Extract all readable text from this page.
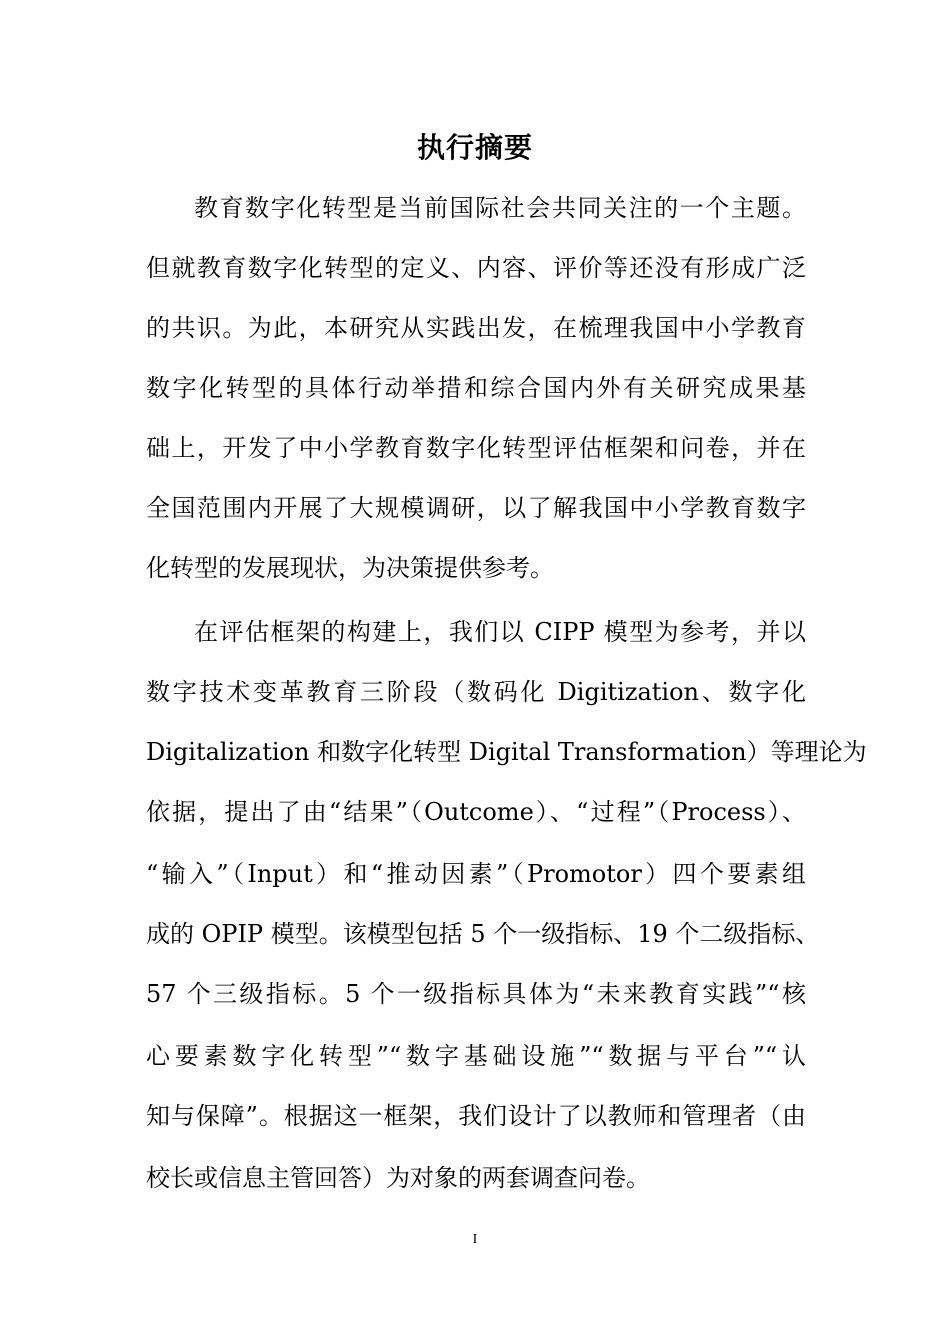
执行摘要
教育数字化转型是当前国际社会共同关注的一个主题。
但就教育数字化转型的定义、内容、评价等还没有形成广泛
的共识。为此，本研究从实践出发，在梳理我国中小学教育
数字化转型的具体行动举措和综合国内外有关研究成果基
础上，开发了中小学教育数字化转型评估框架和问卷，并在
全国范围内开展了大规模调研，以了解我国中小学教育数字
化转型的发展现状，为决策提供参考。
在评估框架的构建上，我们以 CIPP 模型为参考，并以
数字技术变革教育三阶段（数码化 Digitization、数字化
Digitalization 和数字化转型 Digital Transformation）等理论为
依据，提出了由“结果”（Outcome）、“过程”（Process）、
“输入”（Input）和“推动因素”（Promotor）四个要素组
成的 OPIP 模型。该模型包括 5 个一级指标、19 个二级指标、
57 个三级指标。5 个一级指标具体为“未来教育实践”“核
心要素数字化转型”“数字基础设施”“数据与平台”“认
知与保障”。根据这一框架，我们设计了以教师和管理者（由
校长或信息主管回答）为对象的两套调查问卷。
I
